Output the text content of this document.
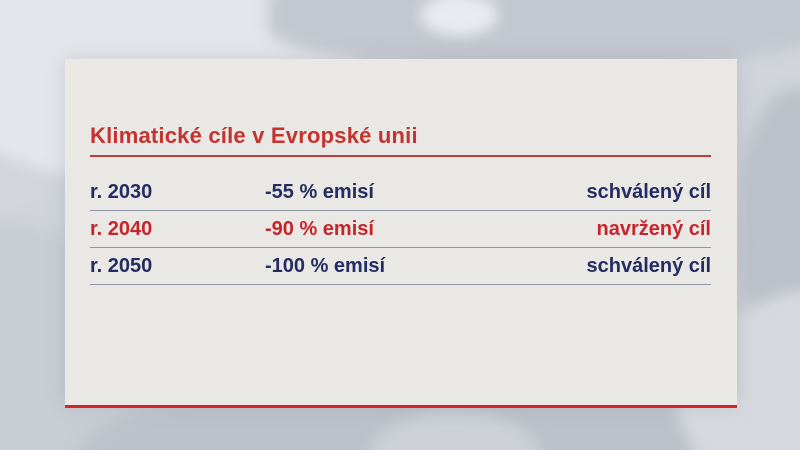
Klimatické cíle v Evropské unii
r. 2030	-55 % emisí	schválený cíl
r. 2040	-90 % emisí	navržený cíl
r. 2050	-100 % emisí	schválený cíl
